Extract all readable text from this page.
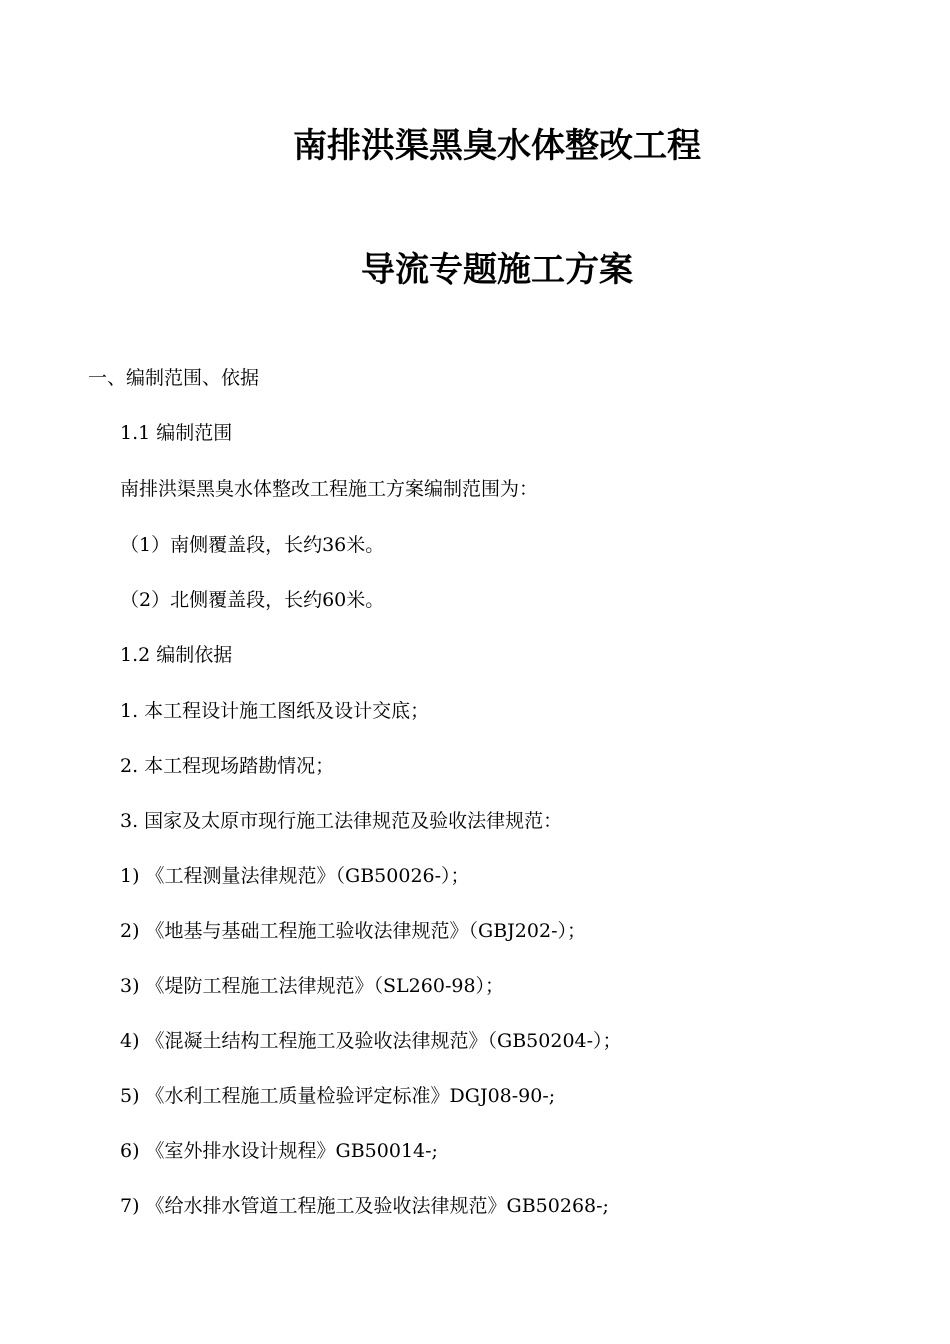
南排洪渠黑臭水体整改工程
导流专题施工方案
一、编制范围、依据
1.1 编制范围
南排洪渠黑臭水体整改工程施工方案编制范围为：
（1）南侧覆盖段，长约36米。
（2）北侧覆盖段，长约60米。
1.2 编制依据
1. 本工程设计施工图纸及设计交底；
2. 本工程现场踏勘情况；
3. 国家及太原市现行施工法律规范及验收法律规范：
1) 《工程测量法律规范》（GB50026-）；
2) 《地基与基础工程施工验收法律规范》（GBJ202-）；
3) 《堤防工程施工法律规范》（SL260-98）；
4) 《混凝土结构工程施工及验收法律规范》（GB50204-）；
5) 《水利工程施工质量检验评定标准》DGJ08-90-;
6) 《室外排水设计规程》GB50014-;
7) 《给水排水管道工程施工及验收法律规范》GB50268-;
